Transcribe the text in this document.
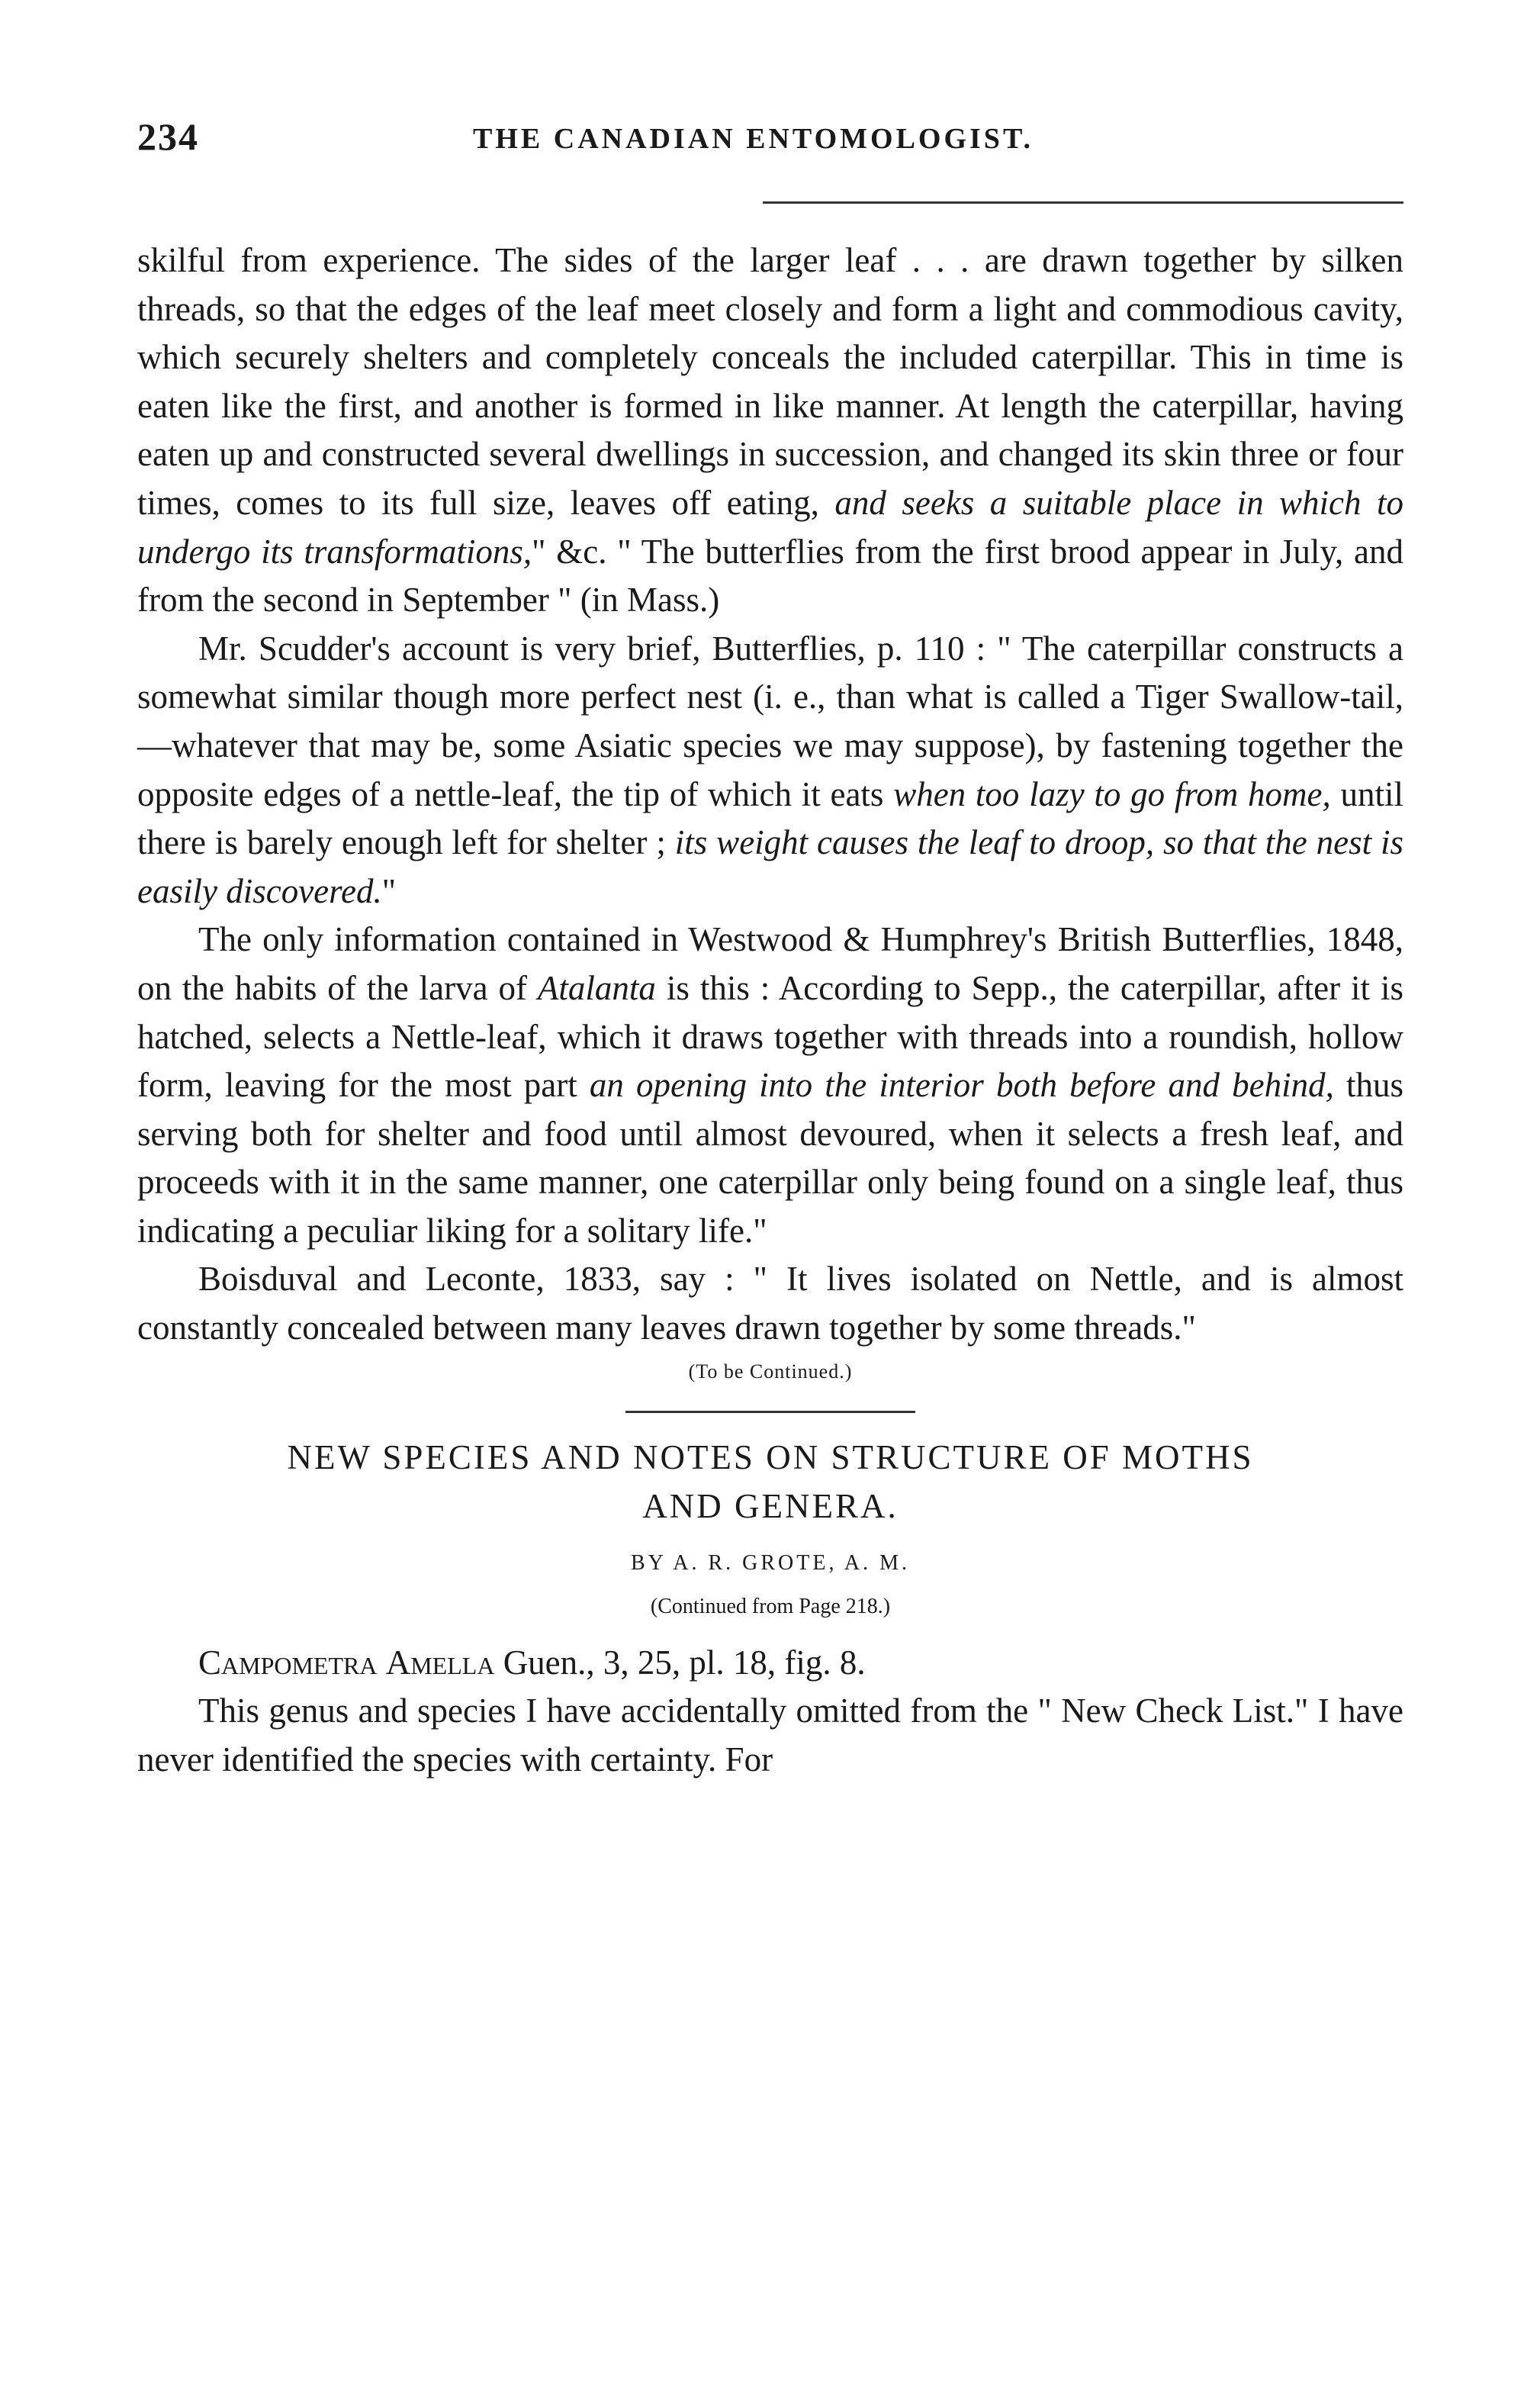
234	THE CANADIAN ENTOMOLOGIST.

skilful from experience. The sides of the larger leaf . . . are drawn together by silken threads, so that the edges of the leaf meet closely and form a light and commodious cavity, which securely shelters and completely conceals the included caterpillar. This in time is eaten like the first, and another is formed in like manner. At length the caterpillar, having eaten up and constructed several dwellings in succession, and changed its skin three or four times, comes to its full size, leaves off eating, and seeks a suitable place in which to undergo its transformations," &c. " The butterflies from the first brood appear in July, and from the second in September " (in Mass.)

Mr. Scudder's account is very brief, Butterflies, p. 110 : " The caterpillar constructs a somewhat similar though more perfect nest (i. e., than what is called a Tiger Swallow-tail,—whatever that may be, some Asiatic species we may suppose), by fastening together the opposite edges of a nettle-leaf, the tip of which it eats when too lazy to go from home, until there is barely enough left for shelter ; its weight causes the leaf to droop, so that the nest is easily discovered."

The only information contained in Westwood & Humphrey's British Butterflies, 1848, on the habits of the larva of Atalanta is this : According to Sepp., the caterpillar, after it is hatched, selects a Nettle-leaf, which it draws together with threads into a roundish, hollow form, leaving for the most part an opening into the interior both before and behind, thus serving both for shelter and food until almost devoured, when it selects a fresh leaf, and proceeds with it in the same manner, one caterpillar only being found on a single leaf, thus indicating a peculiar liking for a solitary life."

Boisduval and Leconte, 1833, say : " It lives isolated on Nettle, and is almost constantly concealed between many leaves drawn together by some threads."

(To be Continued.)
NEW SPECIES AND NOTES ON STRUCTURE OF MOTHS
AND GENERA.
BY A. R. GROTE, A. M.
(Continued from Page 218.)

Campometra Amella Guen., 3, 25, pl. 18, fig. 8.

This genus and species I have accidentally omitted from the " New Check List." I have never identified the species with certainty. For
